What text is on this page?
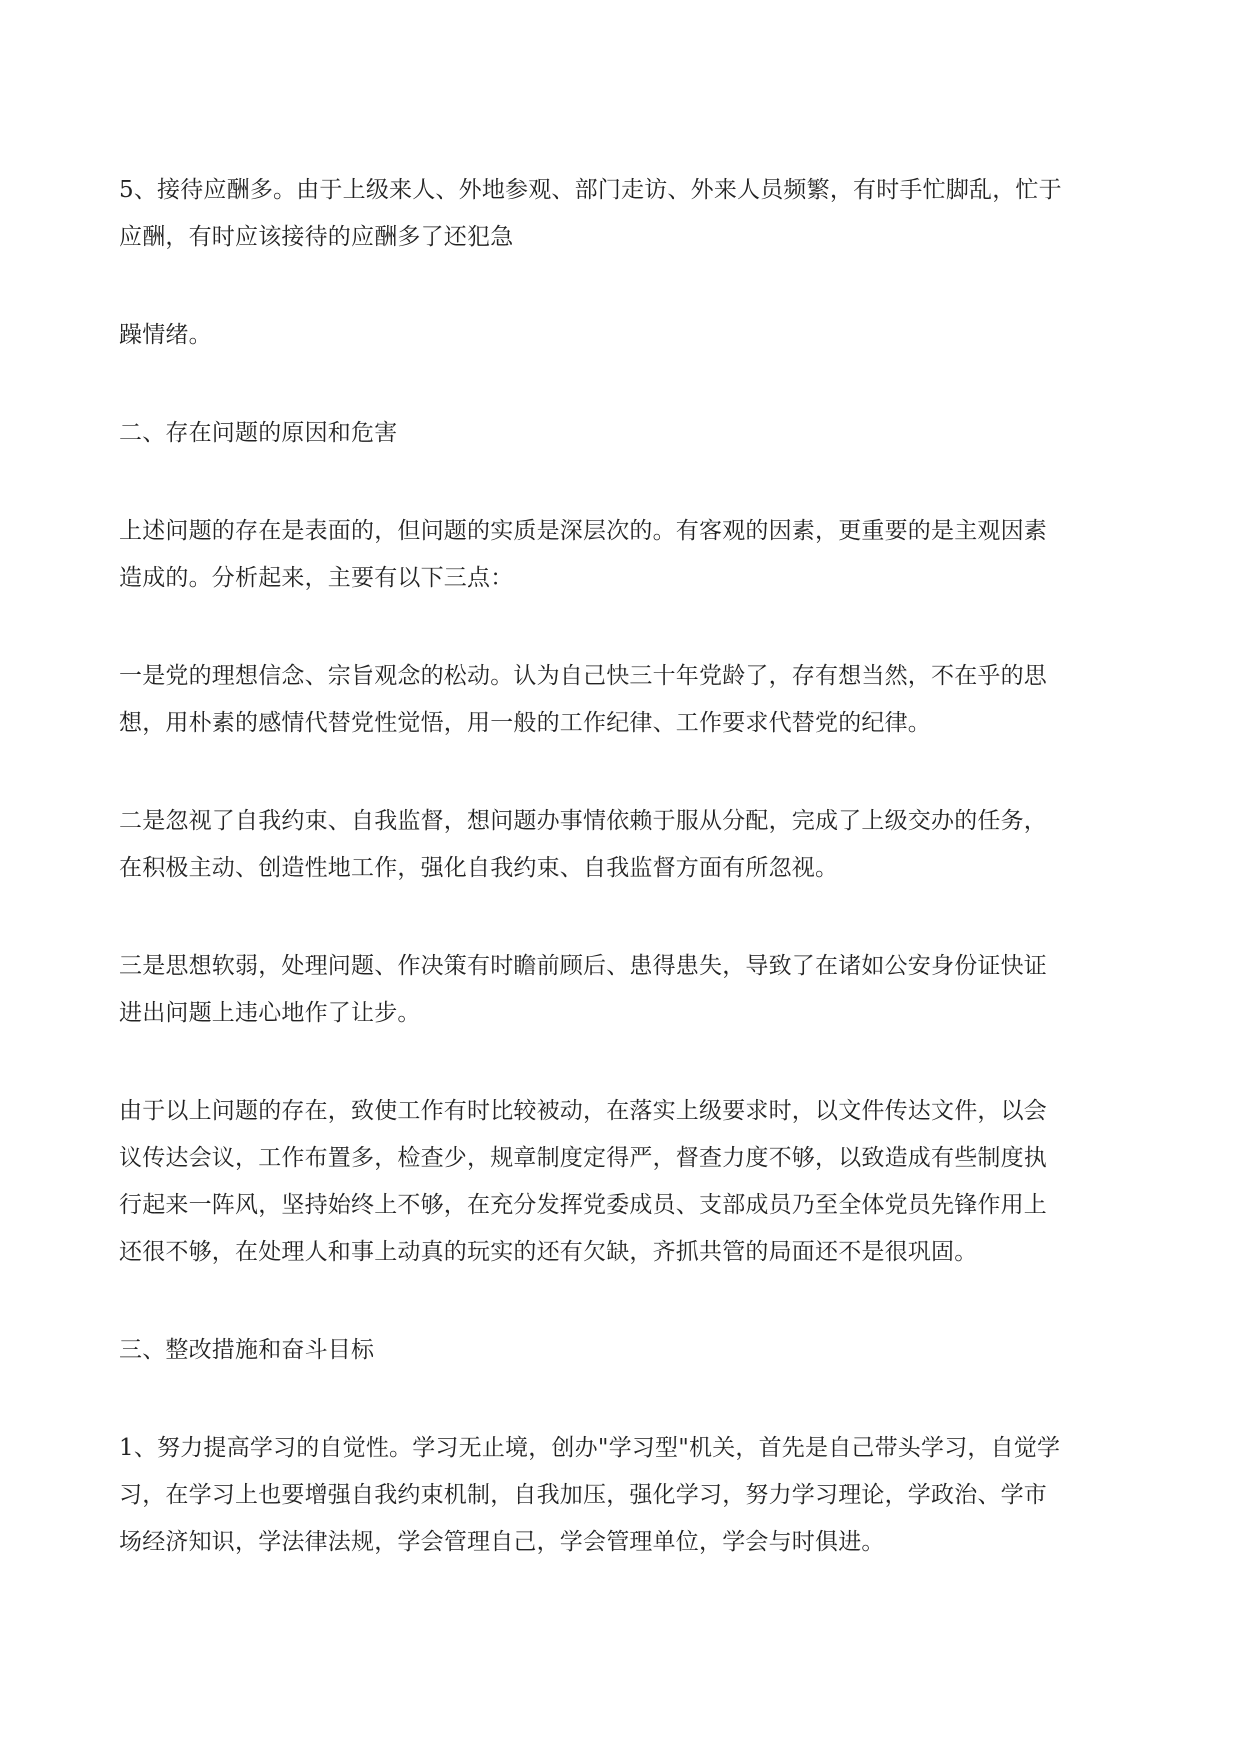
5、接待应酬多。由于上级来人、外地参观、部门走访、外来人员频繁，有时手忙脚乱，忙于
应酬，有时应该接待的应酬多了还犯急

躁情绪。

二、存在问题的原因和危害

上述问题的存在是表面的，但问题的实质是深层次的。有客观的因素，更重要的是主观因素
造成的。分析起来，主要有以下三点：

一是党的理想信念、宗旨观念的松动。认为自己快三十年党龄了，存有想当然，不在乎的思
想，用朴素的感情代替党性觉悟，用一般的工作纪律、工作要求代替党的纪律。

二是忽视了自我约束、自我监督，想问题办事情依赖于服从分配，完成了上级交办的任务，
在积极主动、创造性地工作，强化自我约束、自我监督方面有所忽视。

三是思想软弱，处理问题、作决策有时瞻前顾后、患得患失，导致了在诸如公安身份证快证
进出问题上违心地作了让步。

由于以上问题的存在，致使工作有时比较被动，在落实上级要求时，以文件传达文件，以会
议传达会议，工作布置多，检查少，规章制度定得严，督查力度不够，以致造成有些制度执
行起来一阵风，坚持始终上不够，在充分发挥党委成员、支部成员乃至全体党员先锋作用上
还很不够，在处理人和事上动真的玩实的还有欠缺，齐抓共管的局面还不是很巩固。

三、整改措施和奋斗目标

1、努力提高学习的自觉性。学习无止境，创办"学习型"机关，首先是自己带头学习，自觉学
习，在学习上也要增强自我约束机制，自我加压，强化学习，努力学习理论，学政治、学市
场经济知识，学法律法规，学会管理自己，学会管理单位，学会与时俱进。
